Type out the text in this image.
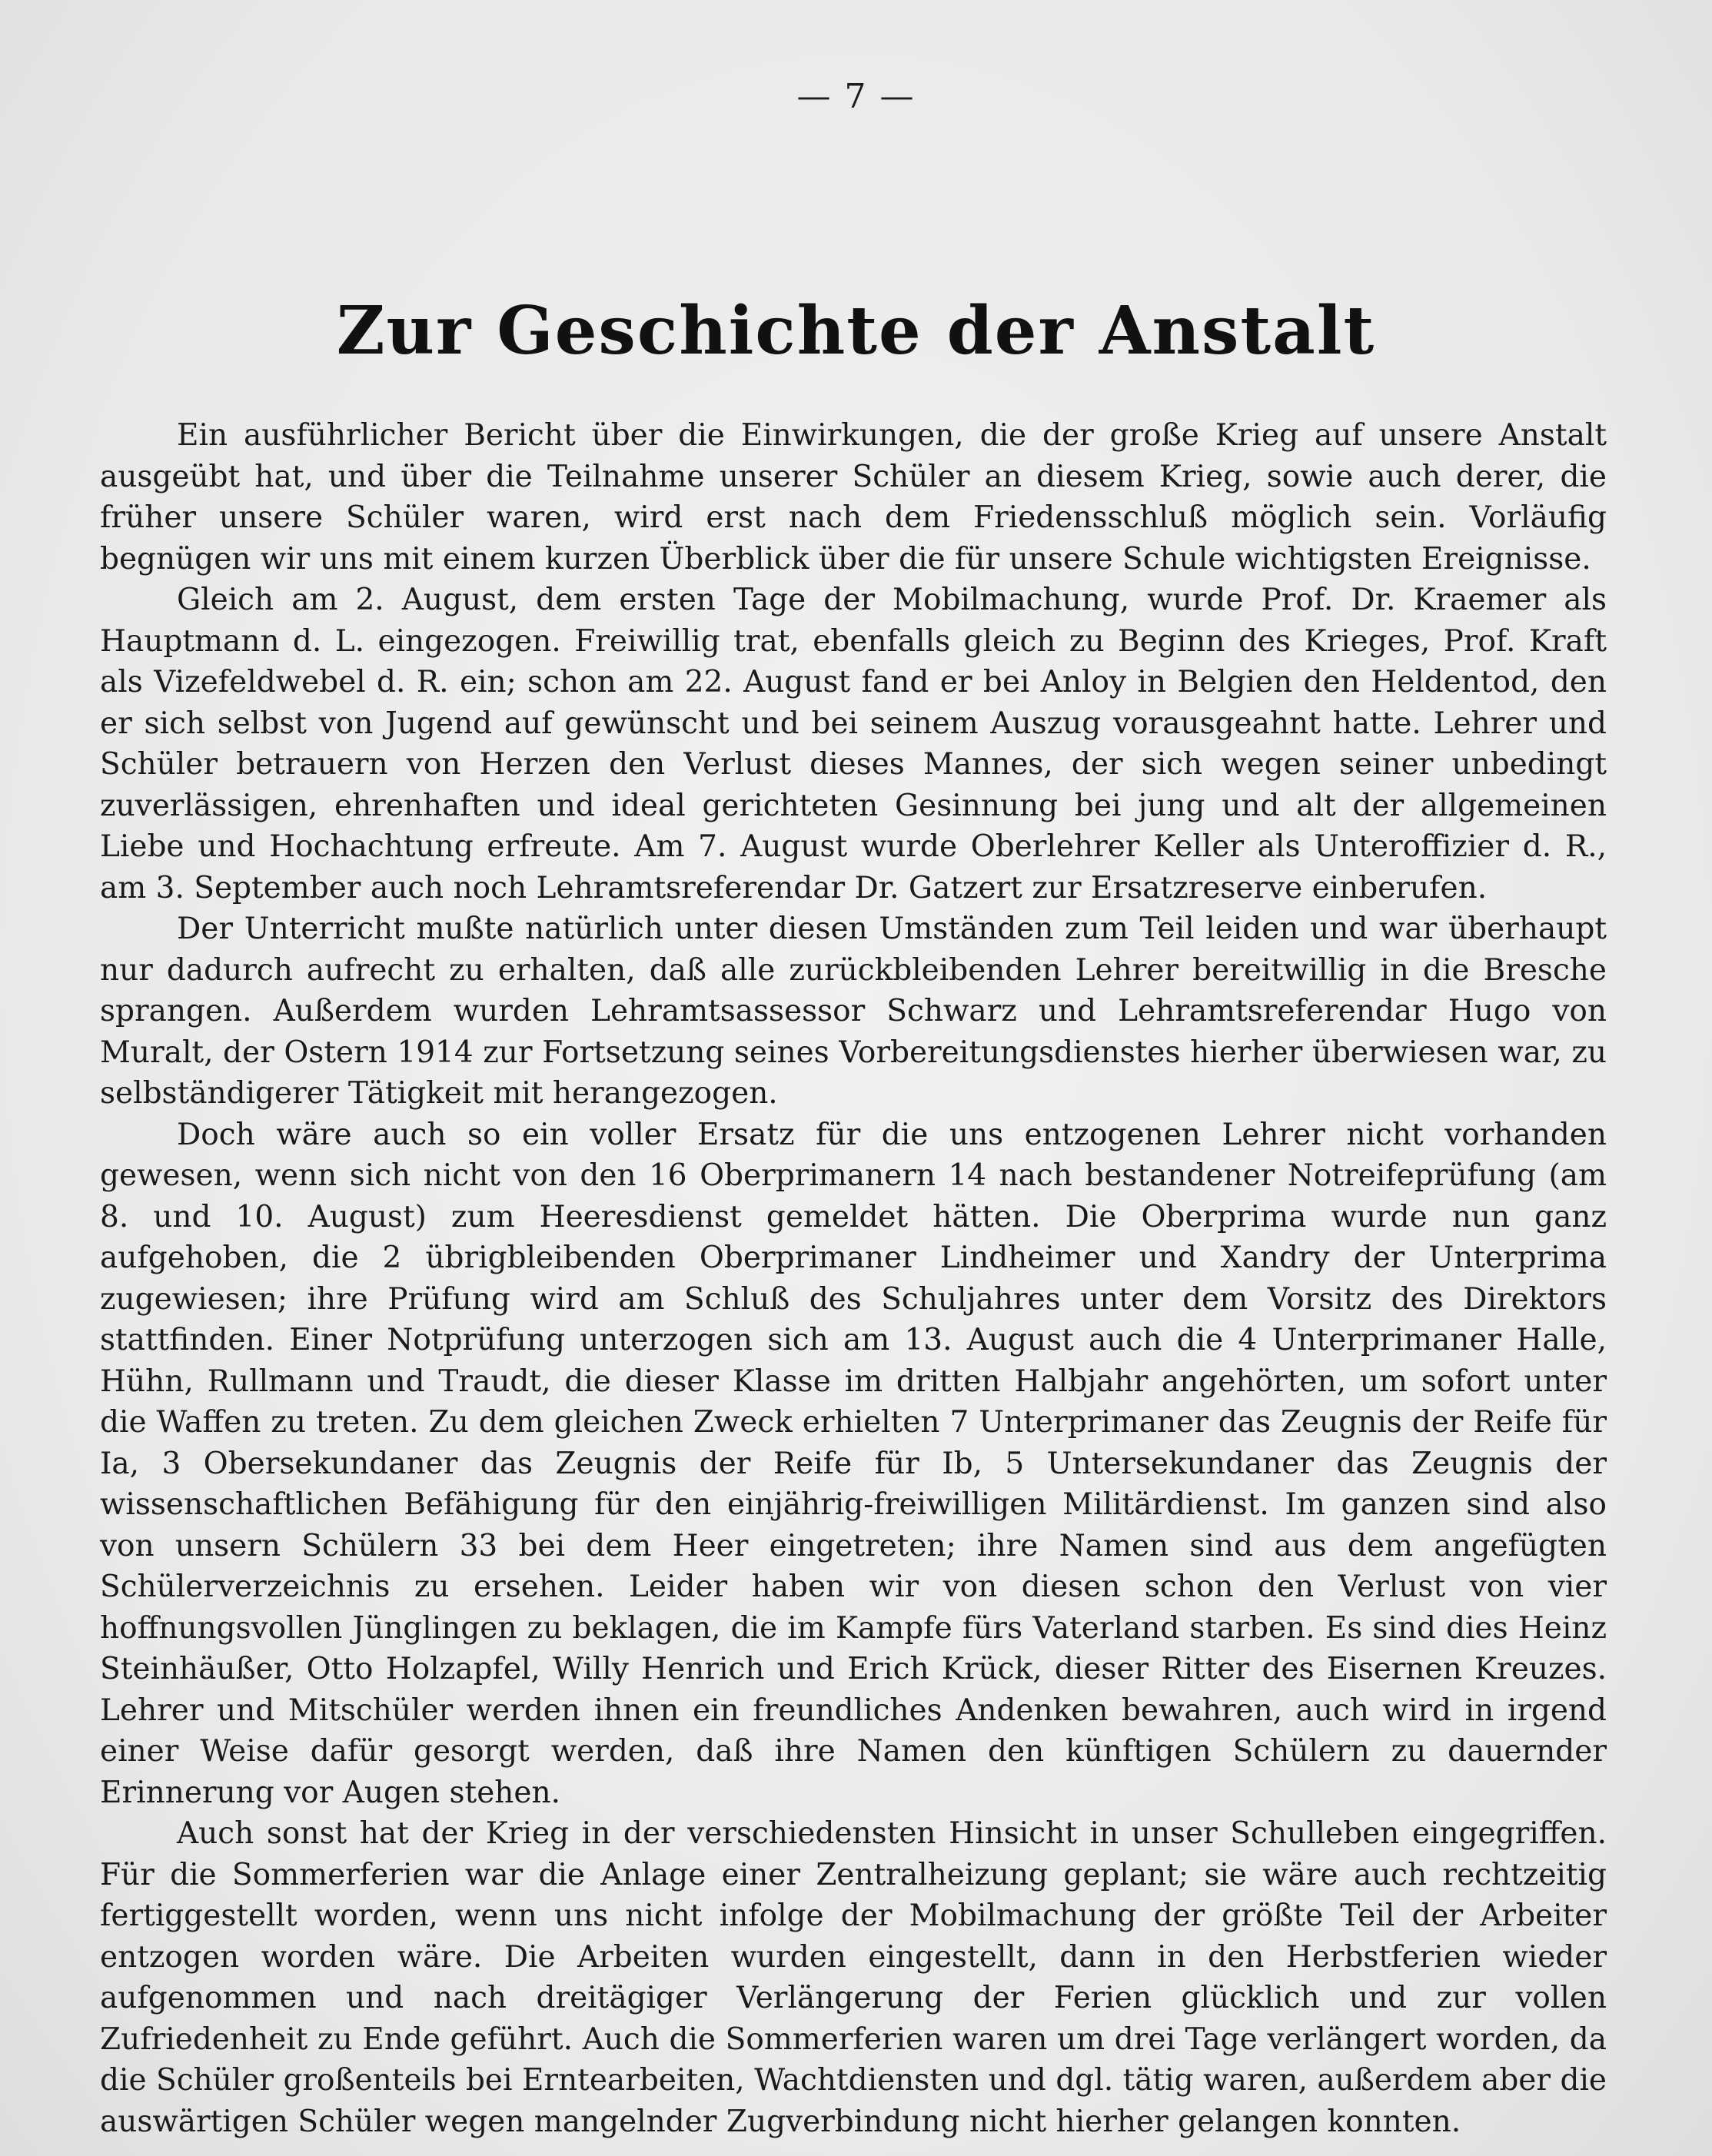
— 7 —
Zur Geschichte der Anstalt

Ein ausführlicher Bericht über die Einwirkungen, die der große Krieg auf unsere Anstalt ausgeübt hat, und über die Teilnahme unserer Schüler an diesem Krieg, sowie auch derer, die früher unsere Schüler waren, wird erst nach dem Friedensschluß möglich sein. Vorläufig begnügen wir uns mit einem kurzen Überblick über die für unsere Schule wichtigsten Ereignisse.

Gleich am 2. August, dem ersten Tage der Mobilmachung, wurde Prof. Dr. Kraemer als Hauptmann d. L. eingezogen. Freiwillig trat, ebenfalls gleich zu Beginn des Krieges, Prof. Kraft als Vizefeldwebel d. R. ein; schon am 22. August fand er bei Anloy in Belgien den Heldentod, den er sich selbst von Jugend auf gewünscht und bei seinem Auszug vorausgeahnt hatte. Lehrer und Schüler betrauern von Herzen den Verlust dieses Mannes, der sich wegen seiner unbedingt zuverlässigen, ehrenhaften und ideal gerichteten Gesinnung bei jung und alt der allgemeinen Liebe und Hochachtung erfreute. Am 7. August wurde Oberlehrer Keller als Unteroffizier d. R., am 3. September auch noch Lehramtsreferendar Dr. Gatzert zur Ersatzreserve einberufen.

Der Unterricht mußte natürlich unter diesen Umständen zum Teil leiden und war überhaupt nur dadurch aufrecht zu erhalten, daß alle zurückbleibenden Lehrer bereitwillig in die Bresche sprangen. Außerdem wurden Lehramtsassessor Schwarz und Lehramtsreferendar Hugo von Muralt, der Ostern 1914 zur Fortsetzung seines Vorbereitungsdienstes hierher überwiesen war, zu selbständigerer Tätigkeit mit herangezogen.

Doch wäre auch so ein voller Ersatz für die uns entzogenen Lehrer nicht vorhanden gewesen, wenn sich nicht von den 16 Oberprimanern 14 nach bestandener Notreifeprüfung (am 8. und 10. August) zum Heeresdienst gemeldet hätten. Die Oberprima wurde nun ganz aufgehoben, die 2 übrigbleibenden Oberprimaner Lindheimer und Xandry der Unterprima zugewiesen; ihre Prüfung wird am Schluß des Schuljahres unter dem Vorsitz des Direktors stattfinden. Einer Notprüfung unterzogen sich am 13. August auch die 4 Unterprimaner Halle, Hühn, Rullmann und Traudt, die dieser Klasse im dritten Halbjahr angehörten, um sofort unter die Waffen zu treten. Zu dem gleichen Zweck erhielten 7 Unterprimaner das Zeugnis der Reife für Ia, 3 Obersekundaner das Zeugnis der Reife für Ib, 5 Untersekundaner das Zeugnis der wissenschaftlichen Befähigung für den einjährig-freiwilligen Militärdienst. Im ganzen sind also von unsern Schülern 33 bei dem Heer eingetreten; ihre Namen sind aus dem angefügten Schülerverzeichnis zu ersehen. Leider haben wir von diesen schon den Verlust von vier hoffnungsvollen Jünglingen zu beklagen, die im Kampfe fürs Vaterland starben. Es sind dies Heinz Steinhäußer, Otto Holzapfel, Willy Henrich und Erich Krück, dieser Ritter des Eisernen Kreuzes. Lehrer und Mitschüler werden ihnen ein freundliches Andenken bewahren, auch wird in irgend einer Weise dafür gesorgt werden, daß ihre Namen den künftigen Schülern zu dauernder Erinnerung vor Augen stehen.

Auch sonst hat der Krieg in der verschiedensten Hinsicht in unser Schulleben eingegriffen. Für die Sommerferien war die Anlage einer Zentralheizung geplant; sie wäre auch rechtzeitig fertiggestellt worden, wenn uns nicht infolge der Mobilmachung der größte Teil der Arbeiter entzogen worden wäre. Die Arbeiten wurden eingestellt, dann in den Herbstferien wieder aufgenommen und nach dreitägiger Verlängerung der Ferien glücklich und zur vollen Zufriedenheit zu Ende geführt. Auch die Sommerferien waren um drei Tage verlängert worden, da die Schüler großenteils bei Erntearbeiten, Wachtdiensten und dgl. tätig waren, außerdem aber die auswärtigen Schüler wegen mangelnder Zugverbindung nicht hierher gelangen konnten.
